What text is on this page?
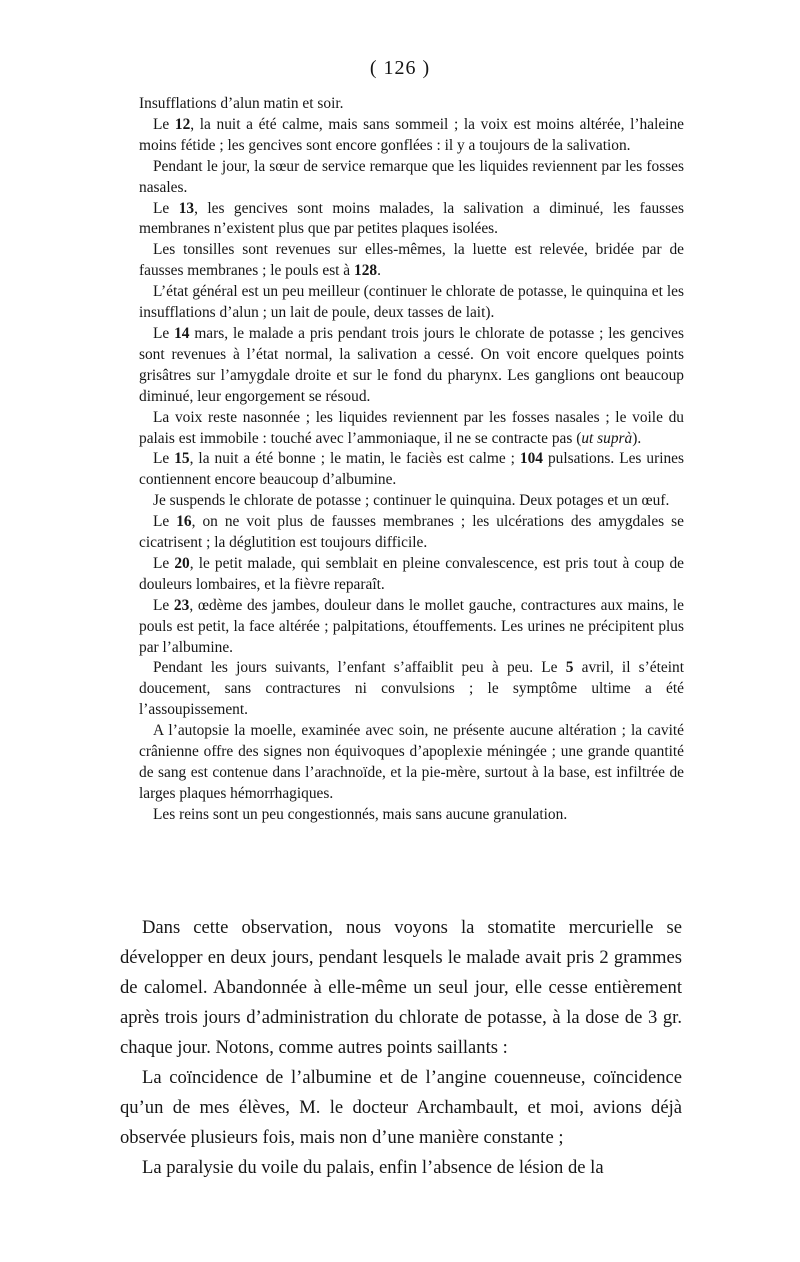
( 126 )

Insufflations d’alun matin et soir.

Le 12, la nuit a été calme, mais sans sommeil ; la voix est moins altérée, l’haleine moins fétide ; les gencives sont encore gonflées : il y a toujours de la salivation.

Pendant le jour, la sœur de service remarque que les liquides reviennent par les fosses nasales.

Le 13, les gencives sont moins malades, la salivation a diminué, les fausses membranes n’existent plus que par petites plaques isolées.

Les tonsilles sont revenues sur elles-mêmes, la luette est relevée, bridée par de fausses membranes ; le pouls est à 128.

L’état général est un peu meilleur (continuer le chlorate de potasse, le quinquina et les insufflations d’alun ; un lait de poule, deux tasses de lait).

Le 14 mars, le malade a pris pendant trois jours le chlorate de potasse ; les gencives sont revenues à l’état normal, la salivation a cessé. On voit encore quelques points grisâtres sur l’amygdale droite et sur le fond du pharynx. Les ganglions ont beaucoup diminué, leur engorgement se résoud.

La voix reste nasonnée ; les liquides reviennent par les fosses nasales ; le voile du palais est immobile : touché avec l’ammoniaque, il ne se contracte pas (ut suprà).

Le 15, la nuit a été bonne ; le matin, le faciès est calme ; 104 pulsations. Les urines contiennent encore beaucoup d’albumine.

Je suspends le chlorate de potasse ; continuer le quinquina. Deux potages et un œuf.

Le 16, on ne voit plus de fausses membranes ; les ulcérations des amygdales se cicatrisent ; la déglutition est toujours difficile.

Le 20, le petit malade, qui semblait en pleine convalescence, est pris tout à coup de douleurs lombaires, et la fièvre reparaît.

Le 23, œdème des jambes, douleur dans le mollet gauche, contractures aux mains, le pouls est petit, la face altérée ; palpitations, étouffements. Les urines ne précipitent plus par l’albumine.

Pendant les jours suivants, l’enfant s’affaiblit peu à peu. Le 5 avril, il s’éteint doucement, sans contractures ni convulsions ; le symptôme ultime a été l’assoupissement.

A l’autopsie la moelle, examinée avec soin, ne présente aucune altération ; la cavité crânienne offre des signes non équivoques d’apoplexie méningée ; une grande quantité de sang est contenue dans l’arachnoïde, et la pie-mère, surtout à la base, est infiltrée de larges plaques hémorrhagiques.

Les reins sont un peu congestionnés, mais sans aucune granulation.

Dans cette observation, nous voyons la stomatite mercurielle se développer en deux jours, pendant lesquels le malade avait pris 2 grammes de calomel. Abandonnée à elle-même un seul jour, elle cesse entièrement après trois jours d’administration du chlorate de potasse, à la dose de 3 gr. chaque jour. Notons, comme autres points saillants :

La coïncidence de l’albumine et de l’angine couenneuse, coïncidence qu’un de mes élèves, M. le docteur Archambault, et moi, avions déjà observée plusieurs fois, mais non d’une manière constante ;

La paralysie du voile du palais, enfin l’absence de lésion de la
